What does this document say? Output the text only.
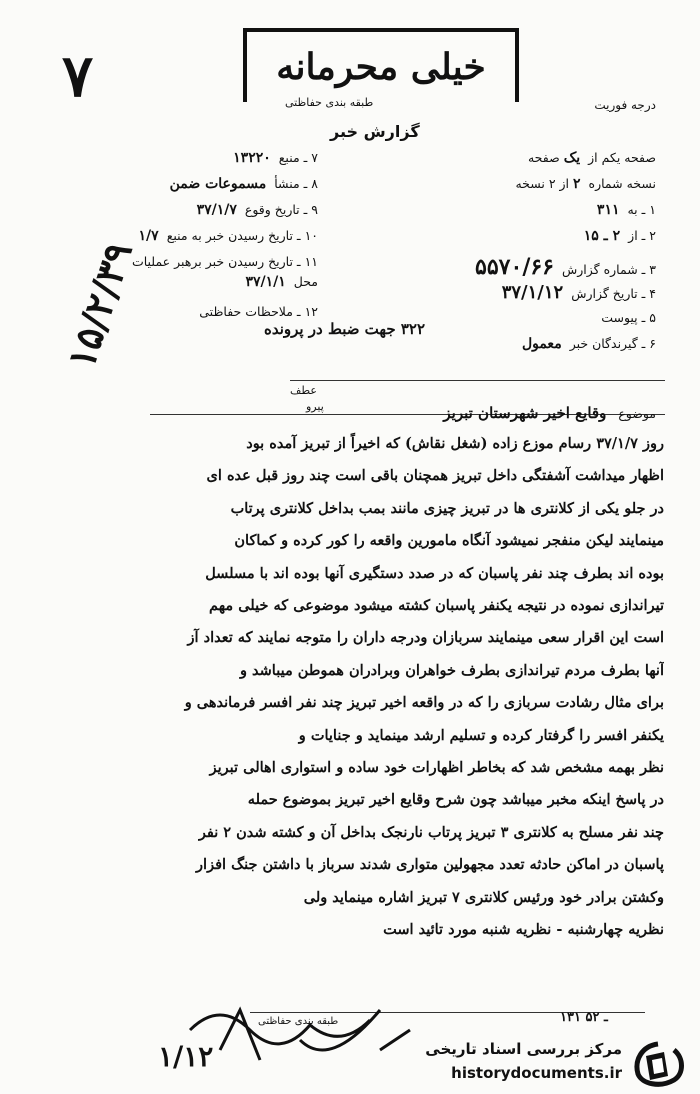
۷	خیلی محرمانه
طبقه بندی حفاظتی
گزارش خبر
درجه فوریت
۷ ـ منبع۱۳۲۲۰
۸ ـ منشأمسموعات ضمن
۹ ـ تاریخ وقوع۳۷/۱/۷
۱۰ ـ تاریخ رسیدن خبر به منبع۱/۷
۱۱ ـ تاریخ رسیدن خبر برهبر عملیات
محل۳۷/۱/۱
۱۲ ـ ملاحظات حفاظتی
صفحه یکم ازیک صفحه
نسخه شماره۲ از ۲ نسخه
۱ ـ به۳۱۱
۲ ـ از۲ ـ ۱۵
۳ ـ شماره گزارش۵۵۷۰/۶۶
۴ ـ تاریخ گزارش۳۷/۱/۱۲
۵ ـ پیوست
۶ ـ گیرندگان خبرمعمول
۳۲۲ جهت ضبط در پرونده
۱۵/۲/۳۹
عطف
پیرو	موضوع وقایع اخیر شهرستان تبریز
روز ۳۷/۱/۷ رسام موزع زاده (شغل نقاش) که اخیراً از تبریز آمده بود
اظهار میداشت آشفتگی داخل تبریز همچنان باقی است چند روز قبل عده ای
در جلو یکی از کلانتری ها در تبریز چیزی مانند بمب بداخل کلانتری پرتاب
مینمایند لیکن منفجر نمیشود آنگاه مامورین واقعه را کور کرده و کماکان
بوده اند بطرف چند نفر پاسبان که در صدد دستگیری آنها بوده اند با مسلسل
تیراندازی نموده در نتیجه یکنفر پاسبان کشته میشود موضوعی که خیلی مهم
است این اقرار سعی مینمایند سربازان ودرجه داران را متوجه نمایند که تعداد آز
آنها بطرف مردم تیراندازی بطرف خواهران وبرادران هموطن میباشد و
برای مثال رشادت سربازی را که در واقعه اخیر تبریز چند نفر افسر فرماندهی و
یکنفر افسر را گرفتار کرده و تسلیم ارشد مینماید و جنایات و
نظر بهمه مشخص شد که بخاطر اظهارات خود ساده و استواری اهالی تبریز
در پاسخ اینکه مخبر میباشد چون شرح وقایع اخیر تبریز بموضوع حمله
چند نفر مسلح به کلانتری ۳ تبریز پرتاب نارنجک بداخل آن و کشته شدن ۲ نفر
پاسبان در اماکن حادثه تعدد مجهولین متواری شدند سرباز با داشتن جنگ افزار
وکشتن برادر خود ورئیس کلانتری ۷ تبریز اشاره مینماید ولی
نظریه چهارشنبه - نظریه شنبه مورد تائید است
طبقه بندی حفاظتی	۱۳۱ ـ ۵۲
۱/۱۲	مرکز بررسی اسناد تاریخی
historydocuments.ir
